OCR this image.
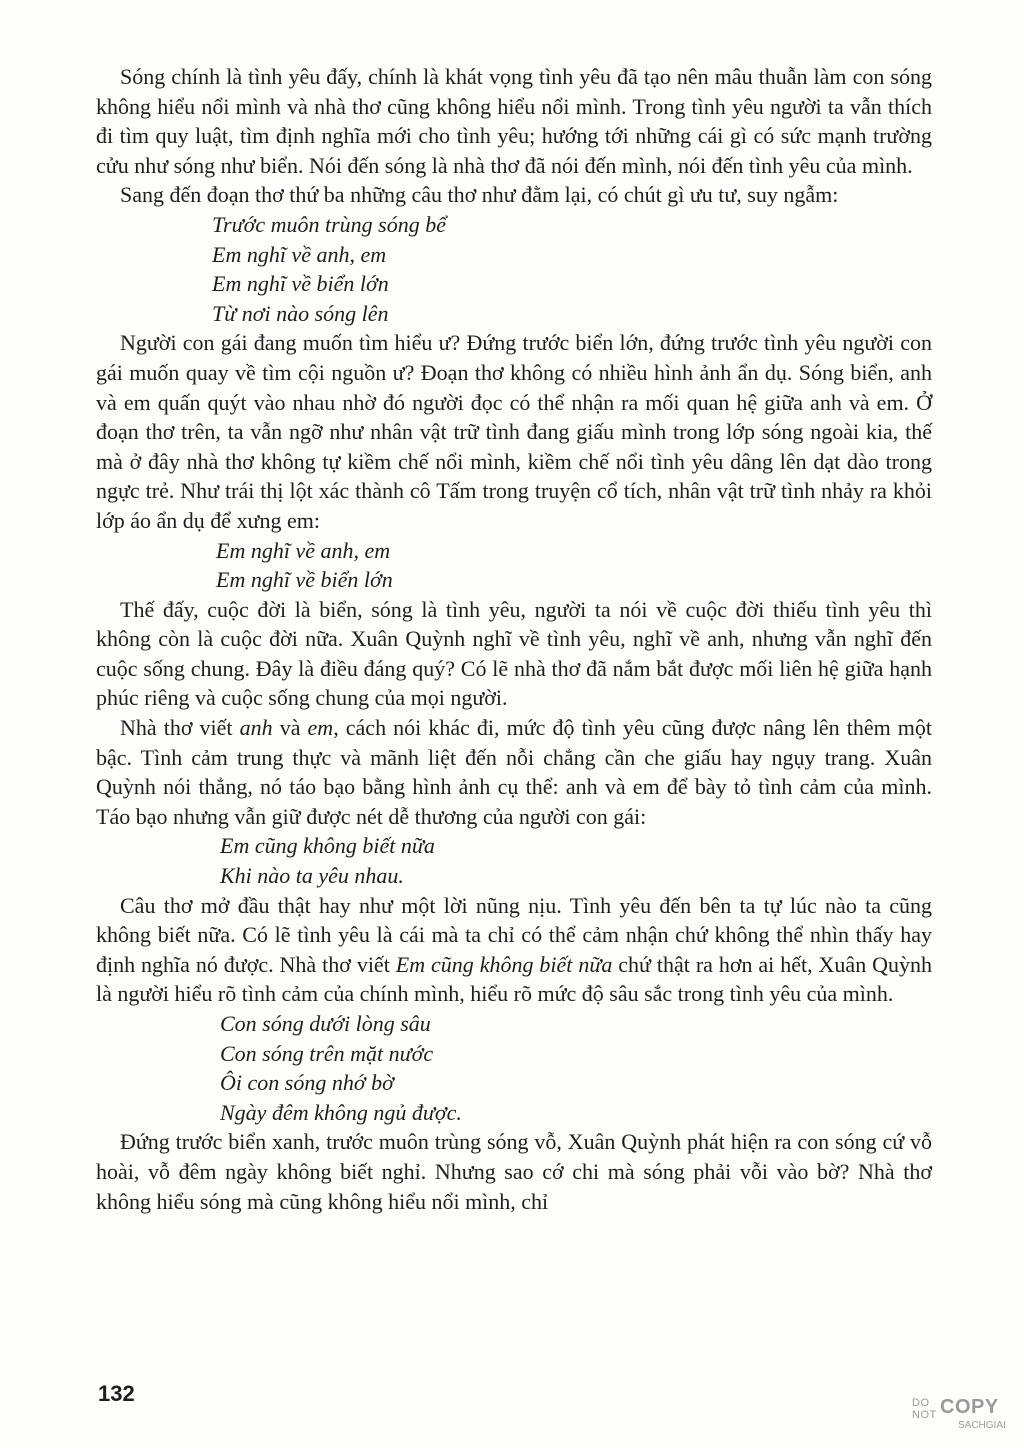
Sóng chính là tình yêu đấy, chính là khát vọng tình yêu đã tạo nên mâu thuẫn làm con sóng không hiểu nổi mình và nhà thơ cũng không hiểu nổi mình. Trong tình yêu người ta vẫn thích đi tìm quy luật, tìm định nghĩa mới cho tình yêu; hướng tới những cái gì có sức mạnh trường cửu như sóng như biển. Nói đến sóng là nhà thơ đã nói đến mình, nói đến tình yêu của mình.

Sang đến đoạn thơ thứ ba những câu thơ như đằm lại, có chút gì ưu tư, suy ngẫm:

Trước muôn trùng sóng bể

Em nghĩ về anh, em

Em nghĩ về biển lớn

Từ nơi nào sóng lên

Người con gái đang muốn tìm hiểu ư? Đứng trước biển lớn, đứng trước tình yêu người con gái muốn quay về tìm cội nguồn ư? Đoạn thơ không có nhiều hình ảnh ẩn dụ. Sóng biển, anh và em quấn quýt vào nhau nhờ đó người đọc có thể nhận ra mối quan hệ giữa anh và em. Ở đoạn thơ trên, ta vẫn ngỡ như nhân vật trữ tình đang giấu mình trong lớp sóng ngoài kia, thế mà ở đây nhà thơ không tự kiềm chế nổi mình, kiềm chế nổi tình yêu dâng lên dạt dào trong ngực trẻ. Như trái thị lột xác thành cô Tấm trong truyện cổ tích, nhân vật trữ tình nhảy ra khỏi lớp áo ẩn dụ để xưng em:

Em nghĩ về anh, em

Em nghĩ về biển lớn

Thế đấy, cuộc đời là biển, sóng là tình yêu, người ta nói về cuộc đời thiếu tình yêu thì không còn là cuộc đời nữa. Xuân Quỳnh nghĩ về tình yêu, nghĩ về anh, nhưng vẫn nghĩ đến cuộc sống chung. Đây là điều đáng quý? Có lẽ nhà thơ đã nắm bắt được mối liên hệ giữa hạnh phúc riêng và cuộc sống chung của mọi người.

Nhà thơ viết anh và em, cách nói khác đi, mức độ tình yêu cũng được nâng lên thêm một bậc. Tình cảm trung thực và mãnh liệt đến nỗi chẳng cần che giấu hay ngụy trang. Xuân Quỳnh nói thẳng, nó táo bạo bằng hình ảnh cụ thể: anh và em để bày tỏ tình cảm của mình. Táo bạo nhưng vẫn giữ được nét dễ thương của người con gái:

Em cũng không biết nữa

Khi nào ta yêu nhau.

Câu thơ mở đầu thật hay như một lời nũng nịu. Tình yêu đến bên ta tự lúc nào ta cũng không biết nữa. Có lẽ tình yêu là cái mà ta chỉ có thể cảm nhận chứ không thể nhìn thấy hay định nghĩa nó được. Nhà thơ viết Em cũng không biết nữa chứ thật ra hơn ai hết, Xuân Quỳnh là người hiểu rõ tình cảm của chính mình, hiểu rõ mức độ sâu sắc trong tình yêu của mình.

Con sóng dưới lòng sâu

Con sóng trên mặt nước

Ôi con sóng nhớ bờ

Ngày đêm không ngủ được.

Đứng trước biển xanh, trước muôn trùng sóng vỗ, Xuân Quỳnh phát hiện ra con sóng cứ vỗ hoài, vỗ đêm ngày không biết nghỉ. Nhưng sao cớ chi mà sóng phải vỗi vào bờ? Nhà thơ không hiểu sóng mà cũng không hiểu nổi mình, chỉ

132	DO
NOT COPY
SACHGIAI
